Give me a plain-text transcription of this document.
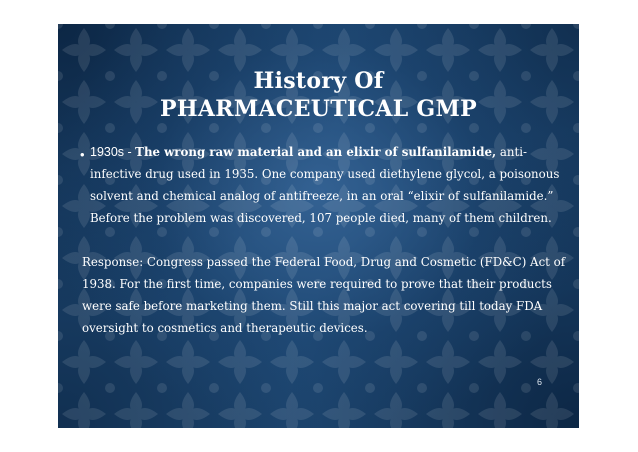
History Of
PHARMACEUTICAL GMP
• 1930s - The wrong raw material and an elixir of sulfanilamide, anti-infective drug used in 1935. One company used diethylene glycol, a poisonous solvent and chemical analog of antifreeze, in an oral “elixir of sulfanilamide.” Before the problem was discovered, 107 people died, many of them children.

Response: Congress passed the Federal Food, Drug and Cosmetic (FD&C) Act of 1938. For the first time, companies were required to prove that their products were safe before marketing them. Still this major act covering till today FDA oversight to cosmetics and therapeutic devices.

6
